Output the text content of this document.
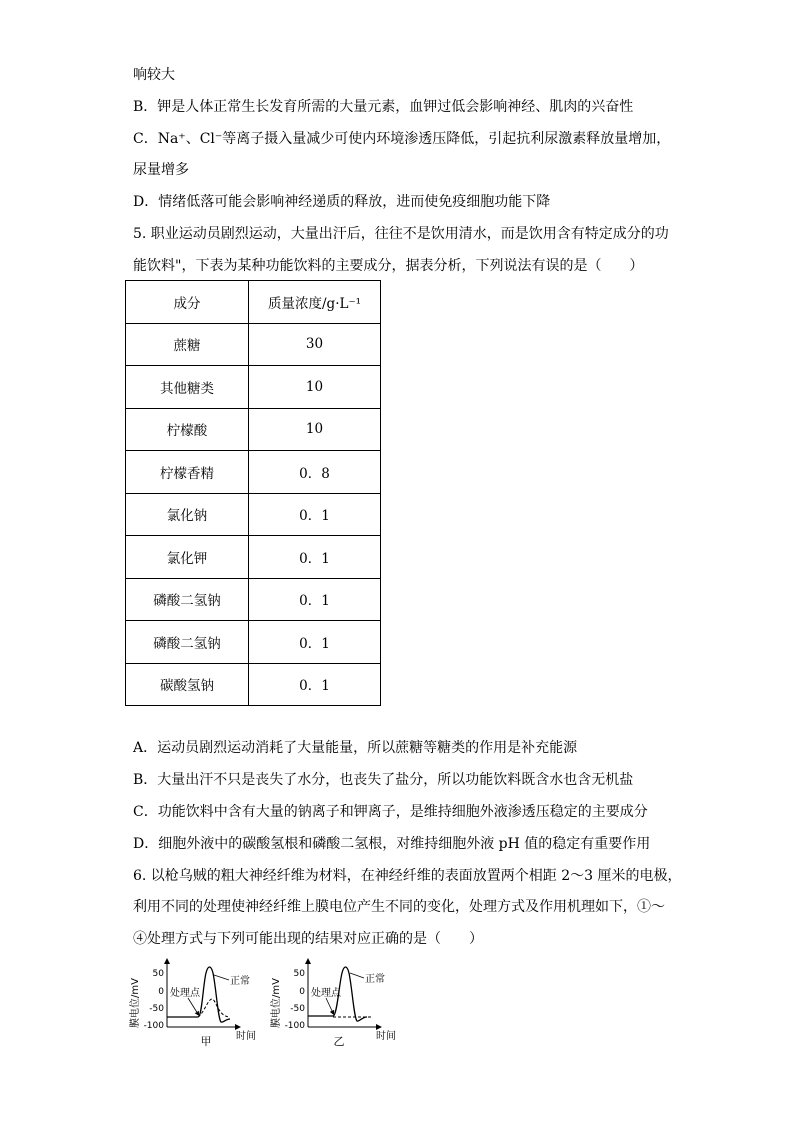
响较大
B．钾是人体正常生长发育所需的大量元素，血钾过低会影响神经、肌肉的兴奋性
C．Na⁺、Cl⁻等离子摄入量减少可使内环境渗透压降低，引起抗利尿激素释放量增加，
尿量增多
D．情绪低落可能会影响神经递质的释放，进而使免疫细胞功能下降
5. 职业运动员剧烈运动，大量出汗后，往往不是饮用清水，而是饮用含有特定成分的功
能饮料"，下表为某种功能饮料的主要成分，据表分析，下列说法有误的是（　　）
成分	质量浓度/g·L⁻¹
蔗糖	30
其他糖类	10
柠檬酸	10
柠檬香精	0．8
氯化钠	0．1
氯化钾	0．1
磷酸二氢钠	0．1
磷酸二氢钠	0．1
碳酸氢钠	0．1
A．运动员剧烈运动消耗了大量能量，所以蔗糖等糖类的作用是补充能源
B．大量出汗不只是丧失了水分，也丧失了盐分，所以功能饮料既含水也含无机盐
C．功能饮料中含有大量的钠离子和钾离子，是维持细胞外液渗透压稳定的主要成分
D．细胞外液中的碳酸氢根和磷酸二氢根，对维持细胞外液 pH 值的稳定有重要作用
6. 以枪乌贼的粗大神经纤维为材料，在神经纤维的表面放置两个相距 2～3 厘米的电极，
利用不同的处理使神经纤维上膜电位产生不同的变化，处理方式及作用机理如下，①～
④处理方式与下列可能出现的结果对应正确的是（　　）
膜电位/mV
50
0
-50
-100
正常
处理点
甲 时间
膜电位/mV
50
0
-50
-100
正常
处理点
乙	时间
